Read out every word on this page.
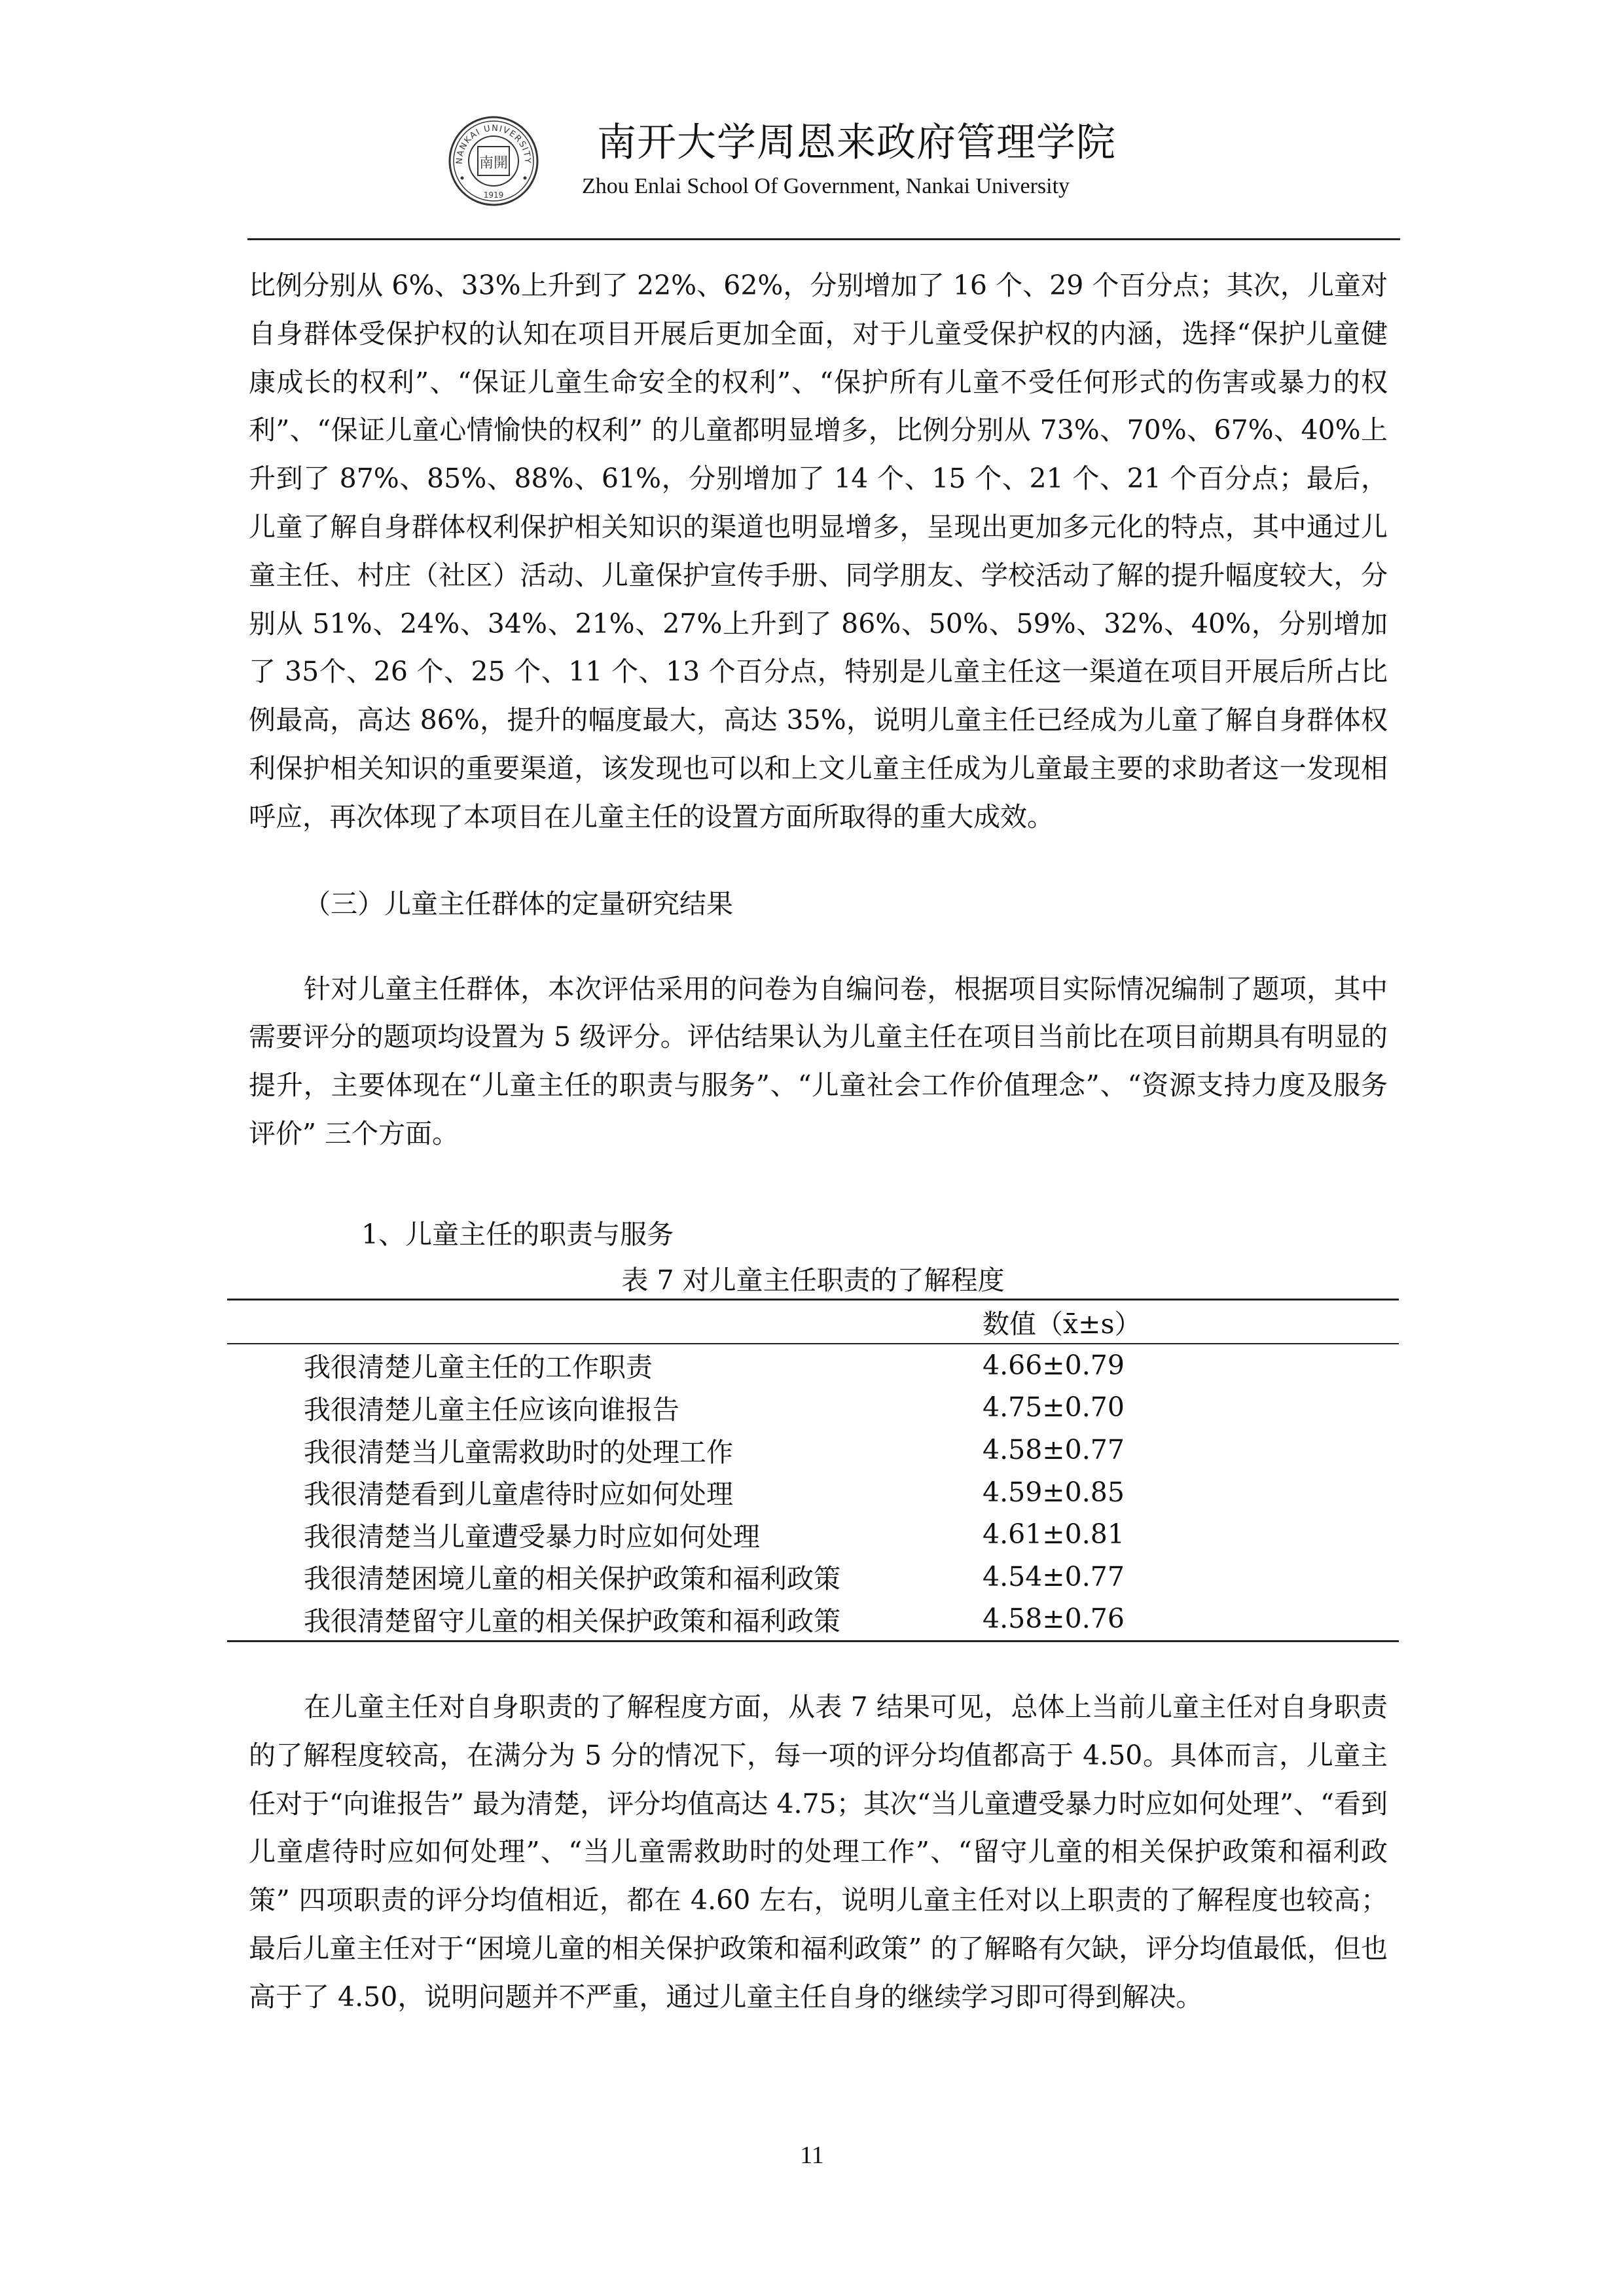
NANKAI UNIVERSITY
1919
南開 南开大学周恩来政府管理学院
Zhou Enlai School Of Government, Nankai University

比例分别从 6%、33%上升到了 22%、62%，分别增加了 16 个、29 个百分点；其次，儿童对自身群体受保护权的认知在项目开展后更加全面，对于儿童受保护权的内涵，选择“保护儿童健康成长的权利”、“保证儿童生命安全的权利”、“保护所有儿童不受任何形式的伤害或暴力的权利”、“保证儿童心情愉快的权利” 的儿童都明显增多，比例分别从 73%、70%、67%、40%上升到了 87%、85%、88%、61%，分别增加了 14 个、15 个、21 个、21 个百分点；最后，儿童了解自身群体权利保护相关知识的渠道也明显增多，呈现出更加多元化的特点，其中通过儿童主任、村庄（社区）活动、儿童保护宣传手册、同学朋友、学校活动了解的提升幅度较大，分别从 51%、24%、34%、21%、27%上升到了 86%、50%、59%、32%、40%，分别增加了 35个、26 个、25 个、11 个、13 个百分点，特别是儿童主任这一渠道在项目开展后所占比例最高，高达 86%，提升的幅度最大，高达 35%，说明儿童主任已经成为儿童了解自身群体权利保护相关知识的重要渠道，该发现也可以和上文儿童主任成为儿童最主要的求助者这一发现相呼应，再次体现了本项目在儿童主任的设置方面所取得的重大成效。

（三）儿童主任群体的定量研究结果

针对儿童主任群体，本次评估采用的问卷为自编问卷，根据项目实际情况编制了题项，其中需要评分的题项均设置为 5 级评分。评估结果认为儿童主任在项目当前比在项目前期具有明显的提升，主要体现在“儿童主任的职责与服务”、“儿童社会工作价值理念”、“资源支持力度及服务评价” 三个方面。

1、儿童主任的职责与服务

表 7 对儿童主任职责的了解程度
	数值（x̄±s）
我很清楚儿童主任的工作职责	4.66±0.79
我很清楚儿童主任应该向谁报告	4.75±0.70
我很清楚当儿童需救助时的处理工作	4.58±0.77
我很清楚看到儿童虐待时应如何处理	4.59±0.85
我很清楚当儿童遭受暴力时应如何处理	4.61±0.81
我很清楚困境儿童的相关保护政策和福利政策	4.54±0.77
我很清楚留守儿童的相关保护政策和福利政策	4.58±0.76

在儿童主任对自身职责的了解程度方面，从表 7 结果可见，总体上当前儿童主任对自身职责的了解程度较高，在满分为 5 分的情况下，每一项的评分均值都高于 4.50。具体而言，儿童主任对于“向谁报告” 最为清楚，评分均值高达 4.75；其次“当儿童遭受暴力时应如何处理”、“看到儿童虐待时应如何处理”、“当儿童需救助时的处理工作”、“留守儿童的相关保护政策和福利政策” 四项职责的评分均值相近，都在 4.60 左右，说明儿童主任对以上职责的了解程度也较高；最后儿童主任对于“困境儿童的相关保护政策和福利政策” 的了解略有欠缺，评分均值最低，但也高于了 4.50，说明问题并不严重，通过儿童主任自身的继续学习即可得到解决。

11
